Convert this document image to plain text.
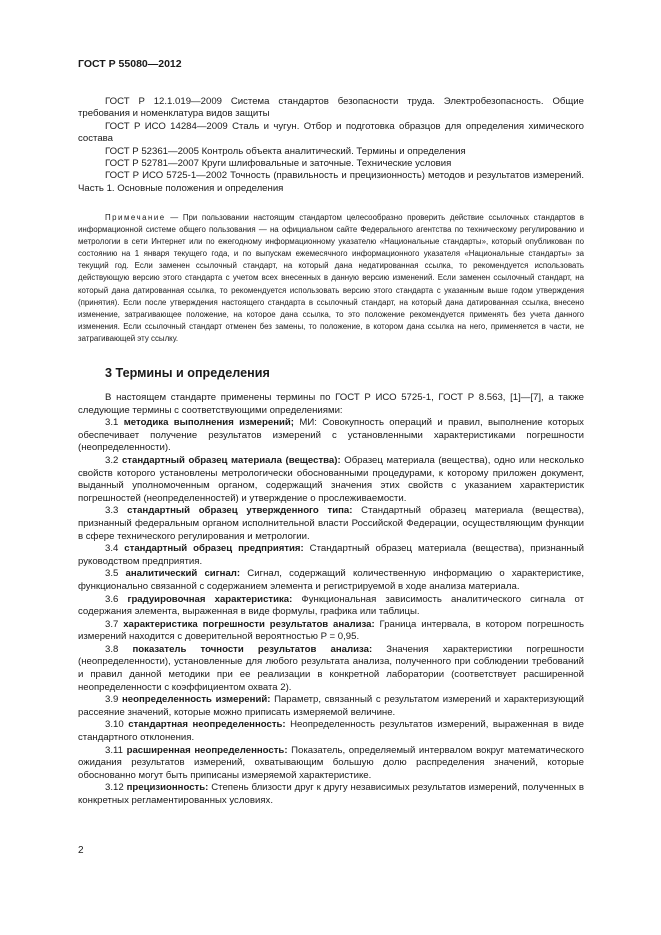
ГОСТ Р 55080—2012

ГОСТ Р 12.1.019—2009 Система стандартов безопасности труда. Электробезопасность. Общие требования и номенклатура видов защиты

ГОСТ Р ИСО 14284—2009 Сталь и чугун. Отбор и подготовка образцов для определения химического состава

ГОСТ Р 52361—2005 Контроль объекта аналитический. Термины и определения

ГОСТ Р 52781—2007 Круги шлифовальные и заточные. Технические условия

ГОСТ Р ИСО 5725-1—2002 Точность (правильность и прецизионность) методов и результатов измерений. Часть 1. Основные положения и определения

Примечание — При пользовании настоящим стандартом целесообразно проверить действие ссылочных стандартов в информационной системе общего пользования — на официальном сайте Федерального агентства по техническому регулированию и метрологии в сети Интернет или по ежегодному информационному указателю «Национальные стандарты», который опубликован по состоянию на 1 января текущего года, и по выпускам ежемесячного информационного указателя «Национальные стандарты» за текущий год. Если заменен ссылочный стандарт, на который дана недатированная ссылка, то рекомендуется использовать действующую версию этого стандарта с учетом всех внесенных в данную версию изменений. Если заменен ссылочный стандарт, на который дана датированная ссылка, то рекомендуется использовать версию этого стандарта с указанным выше годом утверждения (принятия). Если после утверждения настоящего стандарта в ссылочный стандарт, на который дана датированная ссылка, внесено изменение, затрагивающее положение, на которое дана ссылка, то это положение рекомендуется применять без учета данного изменения. Если ссылочный стандарт отменен без замены, то положение, в котором дана ссылка на него, применяется в части, не затрагивающей эту ссылку.

3 Термины и определения

В настоящем стандарте применены термины по ГОСТ Р ИСО 5725-1, ГОСТ Р 8.563, [1]—[7], а также следующие термины с соответствующими определениями:

3.1 методика выполнения измерений; МИ: Совокупность операций и правил, выполнение которых обеспечивает получение результатов измерений с установленными характеристиками погрешности (неопределенности).

3.2 стандартный образец материала (вещества): Образец материала (вещества), одно или несколько свойств которого установлены метрологически обоснованными процедурами, к которому приложен документ, выданный уполномоченным органом, содержащий значения этих свойств с указанием характеристик погрешностей (неопределенностей) и утверждение о прослеживаемости.

3.3 стандартный образец утвержденного типа: Стандартный образец материала (вещества), признанный федеральным органом исполнительной власти Российской Федерации, осуществляющим функции в сфере технического регулирования и метрологии.

3.4 стандартный образец предприятия: Стандартный образец материала (вещества), признанный руководством предприятия.

3.5 аналитический сигнал: Сигнал, содержащий количественную информацию о характеристике, функционально связанной с содержанием элемента и регистрируемой в ходе анализа материала.

3.6 градуировочная характеристика: Функциональная зависимость аналитического сигнала от содержания элемента, выраженная в виде формулы, графика или таблицы.

3.7 характеристика погрешности результатов анализа: Граница интервала, в котором погрешность измерений находится с доверительной вероятностью P = 0,95.

3.8 показатель точности результатов анализа: Значения характеристики погрешности (неопределенности), установленные для любого результата анализа, полученного при соблюдении требований и правил данной методики при ее реализации в конкретной лаборатории (соответствует расширенной неопределенности с коэффициентом охвата 2).

3.9 неопределенность измерений: Параметр, связанный с результатом измерений и характеризующий рассеяние значений, которые можно приписать измеряемой величине.

3.10 стандартная неопределенность: Неопределенность результатов измерений, выраженная в виде стандартного отклонения.

3.11 расширенная неопределенность: Показатель, определяемый интервалом вокруг математического ожидания результатов измерений, охватывающим большую долю распределения значений, которые обоснованно могут быть приписаны измеряемой характеристике.

3.12 прецизионность: Степень близости друг к другу независимых результатов измерений, полученных в конкретных регламентированных условиях.

2
